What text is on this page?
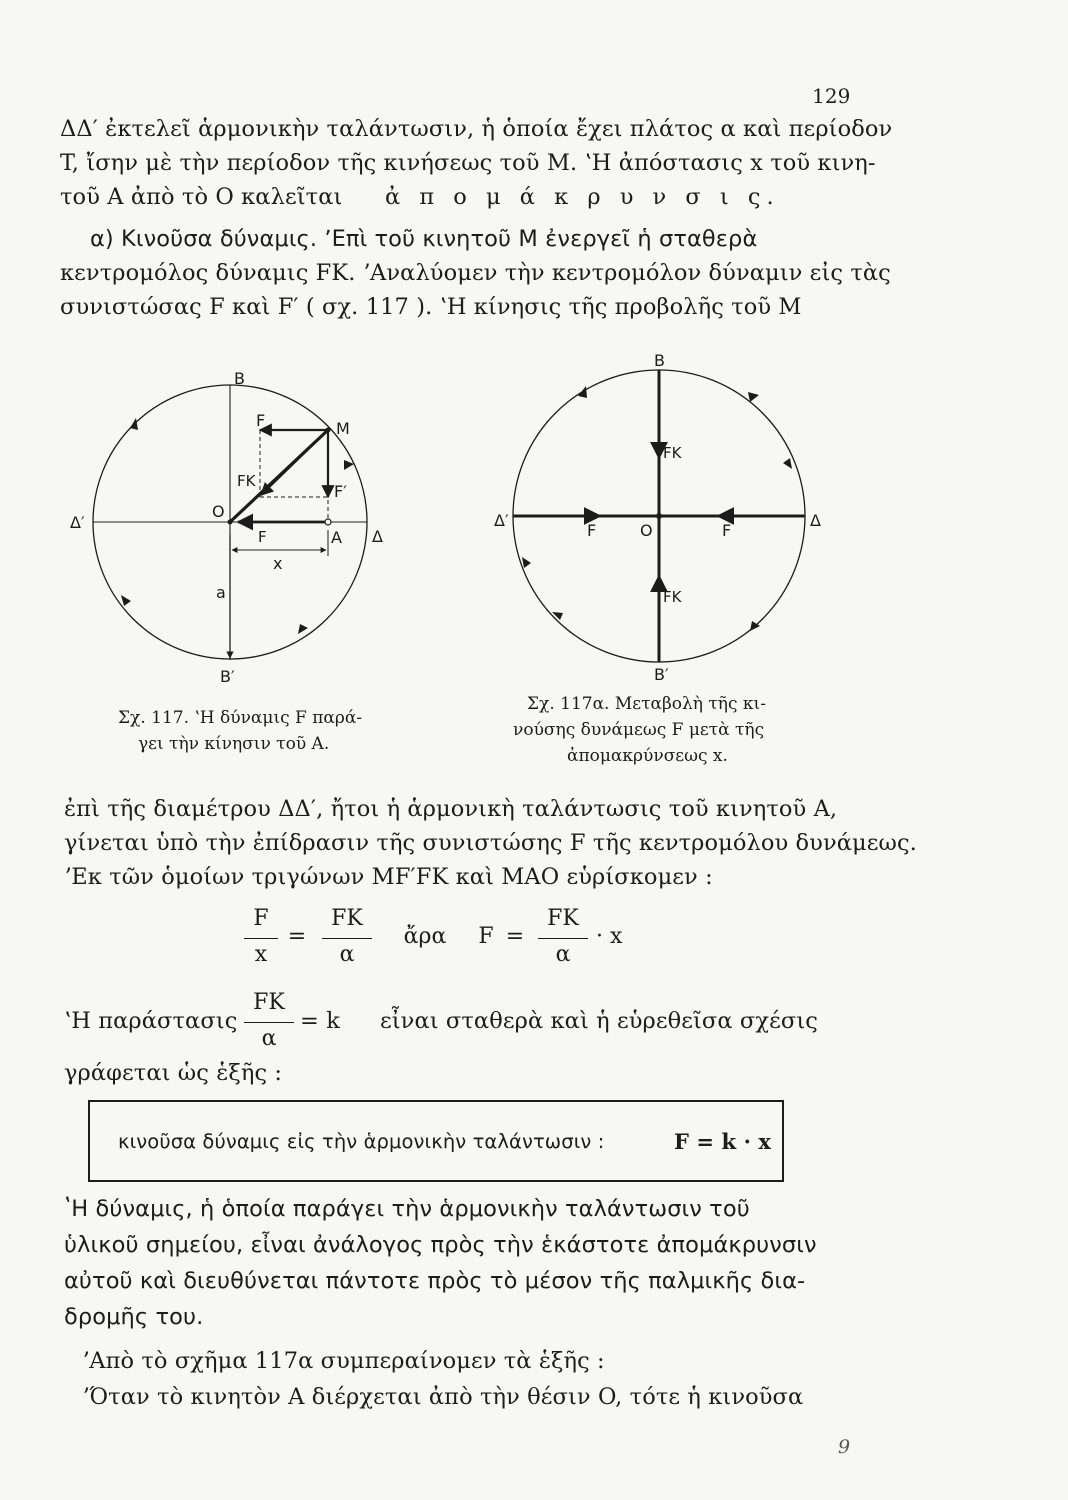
129
ΔΔ′ ἐκτελεῖ ἁρμονικὴν ταλάντωσιν, ἡ ὁποία ἔχει πλάτος α καὶ περίοδον
T, ἴσην μὲ τὴν περίοδον τῆς κινήσεως τοῦ M. ʽH ἀπόστασις x τοῦ κινη-
τοῦ A ἀπὸ τὸ O καλεῖται ἀ π ο μ ά κ ρ υ ν σ ι ς.
α) Κινοῦσα δύναμις. ʼΕπὶ τοῦ κινητοῦ M ἐνεργεῖ ἡ σταθερὰ
κεντρομόλος δύναμις FK. ʼΑναλύομεν τὴν κεντρομόλον δύναμιν εἰς τὰς
συνιστώσας F καὶ F′ ( σχ. 117 ). ʽH κίνησις τῆς προβολῆς τοῦ M
B
M
F
F′
FK
O
F	A Δ
Δ′
x
a
B′
B
FK
Δ′
F	O	F
Δ
FK
B′
Σχ. 117. ʽH δύναμις F παρά-
γει τὴν κίνησιν τοῦ A.
Σχ. 117α. Μεταβολὴ τῆς κι-
νούσης δυνάμεως F μετὰ τῆς
ἀπομακρύνσεως x.
ἐπὶ τῆς διαμέτρου ΔΔ′, ἤτοι ἡ ἁρμονικὴ ταλάντωσις τοῦ κινητοῦ A,
γίνεται ὑπὸ τὴν ἐπίδρασιν τῆς συνιστώσης F τῆς κεντρομόλου δυνάμεως.
ʼΕκ τῶν ὁμοίων τριγώνων MF′FK καὶ MAO εὑρίσκομεν :
F
x
=
FK
α
ἄρα F =
FK
α
· x
ʽH παράστασις
FK
α
= k εἶναι σταθερὰ καὶ ἡ εὑρεθεῖσα σχέσις
γράφεται ὡς ἑξῆς :
κινοῦσα δύναμις εἰς τὴν ἁρμονικὴν ταλάντωσιν :	F = k · x
ʽH δύναμις, ἡ ὁποία παράγει τὴν ἁρμονικὴν ταλάντωσιν τοῦ
ὑλικοῦ σημείου, εἶναι ἀνάλογος πρὸς τὴν ἑκάστοτε ἀπομάκρυνσιν
αὐτοῦ καὶ διευθύνεται πάντοτε πρὸς τὸ μέσον τῆς παλμικῆς δια-
δρομῆς του.
ʼΑπὸ τὸ σχῆμα 117α συμπεραίνομεν τὰ ἑξῆς :
ʼΌταν τὸ κινητὸν A διέρχεται ἀπὸ τὴν θέσιν O, τότε ἡ κινοῦσα
9
